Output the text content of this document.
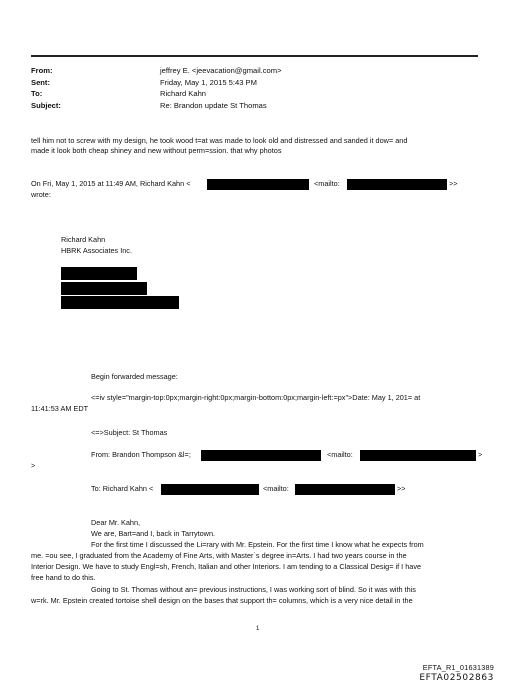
From:	jeffrey E. <jeevacation@gmail.com>
Sent:	Friday, May 1, 2015 5:43 PM
To:	Richard Kahn
Subject:	Re: Brandon update St Thomas
tell him not to screw with my design, he took wood t=at was made to look old and distressed and sanded it dow= and
made it look both cheap shiney and new without perm=ssion. that why photos
On Fri, May 1, 2015 at 11:49 AM, Richard Kahn <	<mailto:	>>
wrote:
Richard Kahn
HBRK Associates Inc.
Begin forwarded message:
<=iv style="margin-top:0px;margin-right:0px;margin-bottom:0px;margin-left:=px">Date: May 1, 201= at
11:41:53 AM EDT
<=>Subject: St Thomas
From: Brandon Thompson &l=;	<mailto:	>
>
To: Richard Kahn <	<mailto:	>>
Dear Mr. Kahn,
We are, Bart=and I, back in Tarrytown.
For the first time I discussed the Li=rary with Mr. Epstein. For the first time I know what he expects from
me. =ou see, I graduated from the Academy of Fine Arts, with Master`s degree in=Arts. I had two years course in the
Interior Design. We have to study Engl=sh, French, Italian and other Interiors. I am tending to a Classical Desig= if I have
free hand to do this.
Going to St. Thomas without an= previous instructions, I was working sort of blind. So it was with this
w=rk. Mr. Epstein created tortoise shell design on the bases that support th= columns, which is a very nice detail in the
1
EFTA_R1_01631389
EFTA02502863
